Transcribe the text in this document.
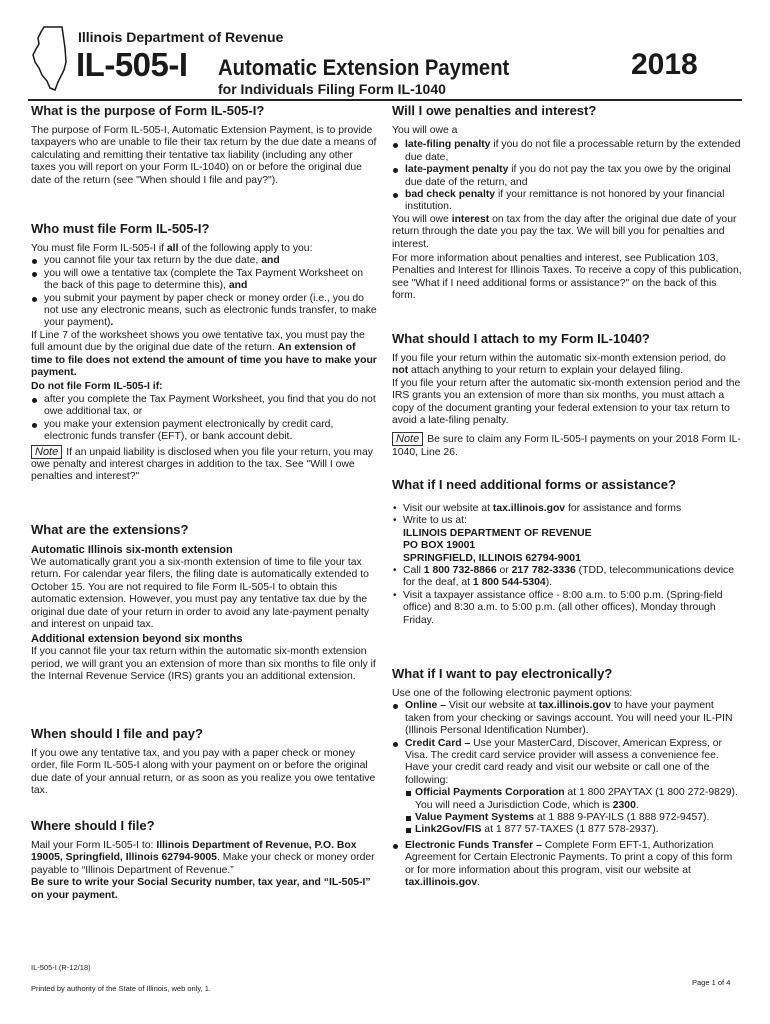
Illinois Department of Revenue
IL-505-I Automatic Extension Payment	2018
for Individuals Filing Form IL-1040
What is the purpose of Form IL-505-I?

The purpose of Form IL-505-I, Automatic Extension Payment, is to provide taxpayers who are unable to file their tax return by the due date a means of calculating and remitting their tentative tax liability (including any other taxes you will report on your Form IL-1040) on or before the original due date of the return (see "When should I file and pay?").

Who must file Form IL-505-I?

You must file Form IL-505-I if all of the following apply to you:

you cannot file your tax return by the due date, and
you will owe a tentative tax (complete the Tax Payment Worksheet on the back of this page to determine this), and
you submit your payment by paper check or money order (i.e., you do not use any electronic means, such as electronic funds transfer, to make your payment).

If Line 7 of the worksheet shows you owe tentative tax, you must pay the full amount due by the original due date of the return. An extension of time to file does not extend the amount of time you have to make your payment.

Do not file Form IL-505-I if:

after you complete the Tax Payment Worksheet, you find that you do not owe additional tax, or
you make your extension payment electronically by credit card, electronic funds transfer (EFT), or bank account debit.

Note If an unpaid liability is disclosed when you file your return, you may owe penalty and interest charges in addition to the tax. See "Will I owe penalties and interest?"

What are the extensions?
Automatic Illinois six-month extension

We automatically grant you a six-month extension of time to file your tax return. For calendar year filers, the filing date is automatically extended to October 15. You are not required to file Form IL-505-I to obtain this automatic extension. However, you must pay any tentative tax due by the original due date of your return in order to avoid any late-payment penalty and interest on unpaid tax.

Additional extension beyond six months

If you cannot file your tax return within the automatic six-month extension period, we will grant you an extension of more than six months to file only if the Internal Revenue Service (IRS) grants you an additional extension.

When should I file and pay?

If you owe any tentative tax, and you pay with a paper check or money order, file Form IL-505-I along with your payment on or before the original due date of your annual return, or as soon as you realize you owe tentative tax.

Where should I file?

Mail your Form IL-505-I to: Illinois Department of Revenue, P.O. Box 19005, Springfield, Illinois 62794-9005. Make your check or money order payable to “Illinois Department of Revenue.”

Be sure to write your Social Security number, tax year, and “IL-505-I” on your payment.

Will I owe penalties and interest?

You will owe a

late-filing penalty if you do not file a processable return by the extended due date,
late-payment penalty if you do not pay the tax you owe by the original due date of the return, and
bad check penalty if your remittance is not honored by your financial institution.

You will owe interest on tax from the day after the original due date of your return through the date you pay the tax. We will bill you for penalties and interest.

For more information about penalties and interest, see Publication 103, Penalties and Interest for Illinois Taxes. To receive a copy of this publication, see "What if I need additional forms or assistance?" on the back of this form.

What should I attach to my Form IL-1040?

If you file your return within the automatic six-month extension period, do not attach anything to your return to explain your delayed filing.

If you file your return after the automatic six-month extension period and the IRS grants you an extension of more than six months, you must attach a copy of the document granting your federal extension to your tax return to avoid a late-filing penalty.

Note Be sure to claim any Form IL-505-I payments on your 2018 Form IL-1040, Line 26.

What if I need additional forms or assistance?
• Visit our website at tax.illinois.gov for assistance and forms
• Write to us at:
ILLINOIS DEPARTMENT OF REVENUE
PO BOX 19001
SPRINGFIELD, ILLINOIS 62794-9001
• Call 1 800 732-8866 or 217 782-3336 (TDD, telecommunications device for the deaf, at 1 800 544-5304).
• Visit a taxpayer assistance office - 8:00 a.m. to 5:00 p.m. (Spring-field office) and 8:30 a.m. to 5:00 p.m. (all other offices), Monday through Friday.
What if I want to pay electronically?

Use one of the following electronic payment options:

Online – Visit our website at tax.illinois.gov to have your payment taken from your checking or savings account. You will need your IL-PIN (Illinois Personal Identification Number).
Credit Card – Use your MasterCard, Discover, American Express, or Visa. The credit card service provider will assess a convenience fee. Have your credit card ready and visit our website or call one of the following:
Official Payments Corporation at 1 800 2PAYTAX (1 800 272-9829). You will need a Jurisdiction Code, which is 2300.
Value Payment Systems at 1 888 9-PAY-ILS (1 888 972-9457).
Link2Gov/FIS at 1 877 57-TAXES (1 877 578-2937).
Electronic Funds Transfer – Complete Form EFT-1, Authorization Agreement for Certain Electronic Payments. To print a copy of this form or for more information about this program, visit our website at tax.illinois.gov.
IL-505-I (R-12/18)
Printed by authority of the State of Illinois, web only, 1.
Page 1 of 4
